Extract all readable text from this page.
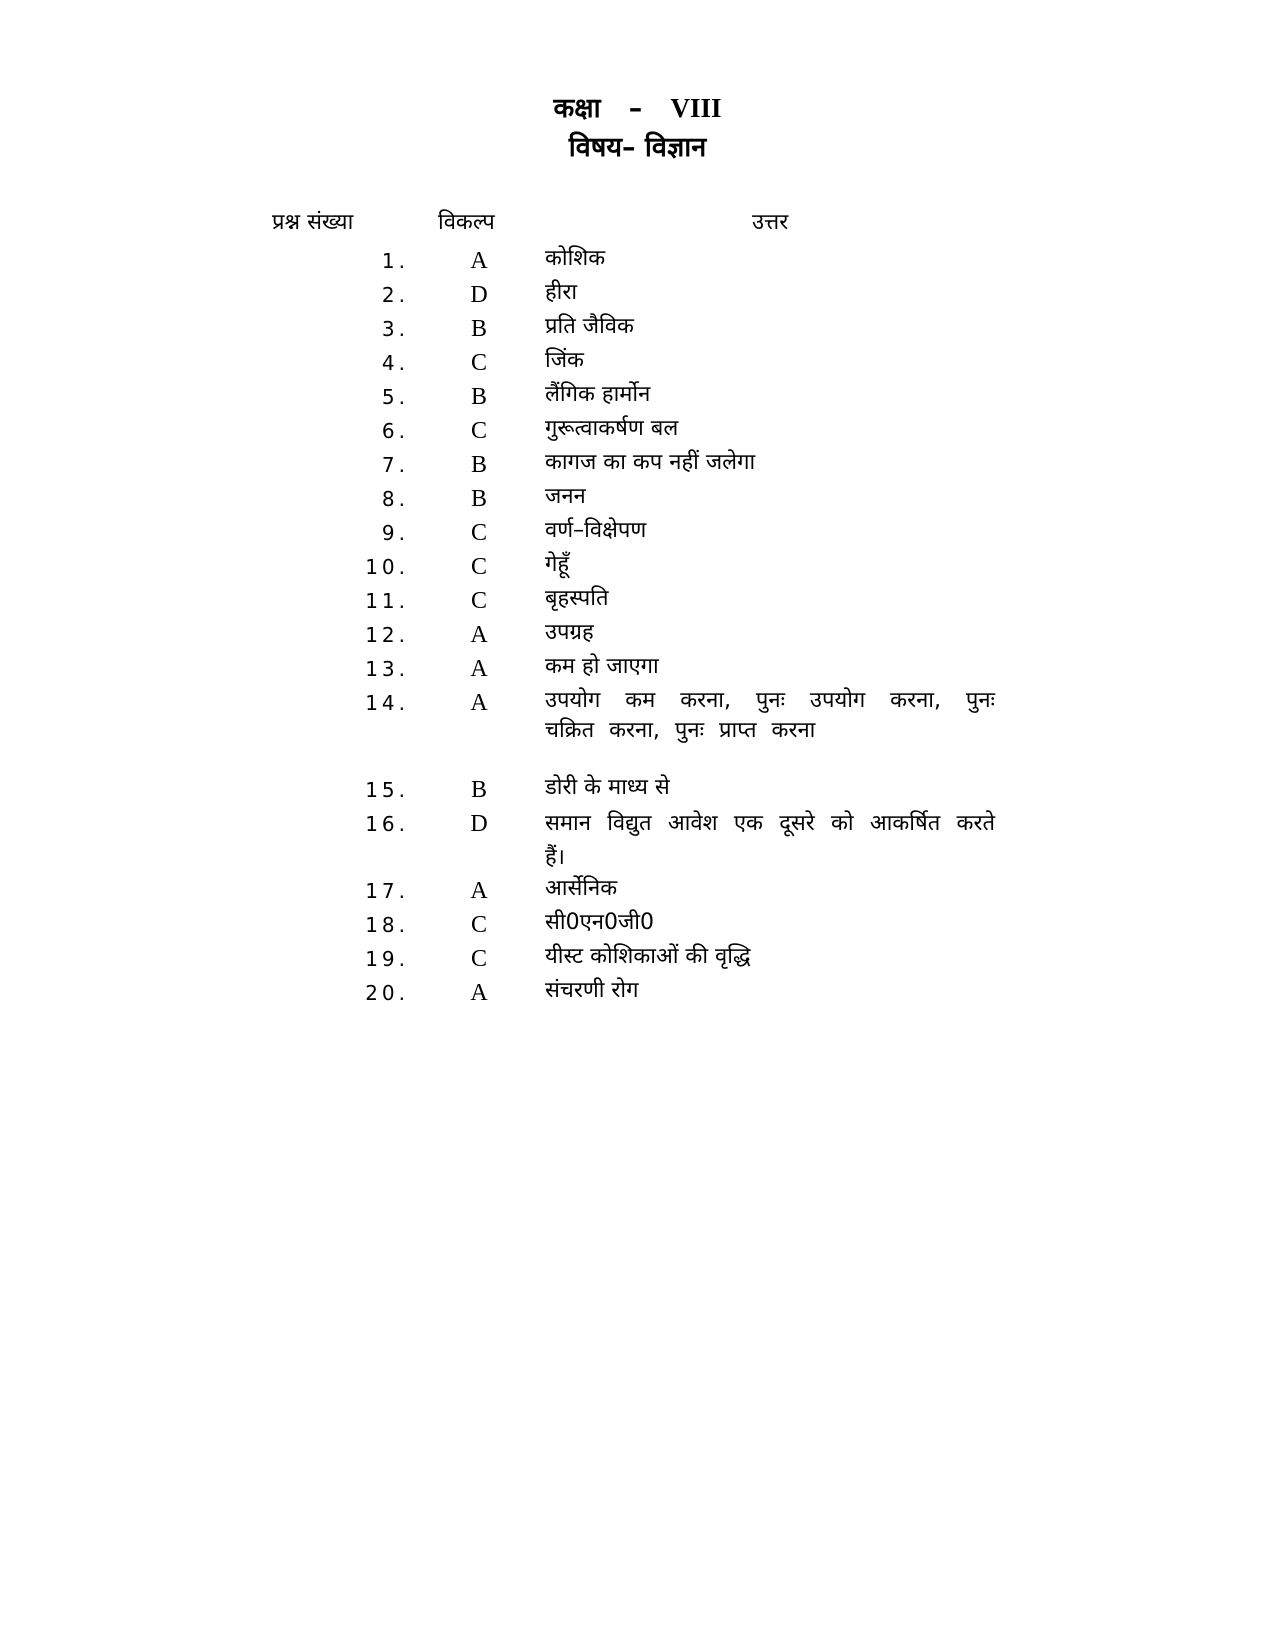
कक्षा – VIII
विषय– विज्ञान
प्रश्न संख्या	विकल्प	उत्तर
1.	A	कोशिक
2.	D	हीरा
3.	B	प्रति जैविक
4.	C	जिंक
5.	B	लैंगिक हार्मोन
6.	C	गुरूत्वाकर्षण बल
7.	B	कागज का कप नहीं जलेगा
8.	B	जनन
9.	C	वर्ण–विक्षेपण
10.	C	गेहूँ
11.	C	बृहस्पति
12.	A	उपग्रह
13.	A	कम हो जाएगा
14.	A	उपयोग कम करना, पुनः उपयोग करना, पुनः चक्रित करना, पुनः प्राप्त करना
15.	B	डोरी के माध्य से
16.	D	समान विद्युत आवेश एक दूसरे को आकर्षित करते हैं।
17.	A	आर्सेनिक
18.	C	सी0एन0जी0
19.	C	यीस्ट कोशिकाओं की वृद्धि
20.	A	संचरणी रोग
